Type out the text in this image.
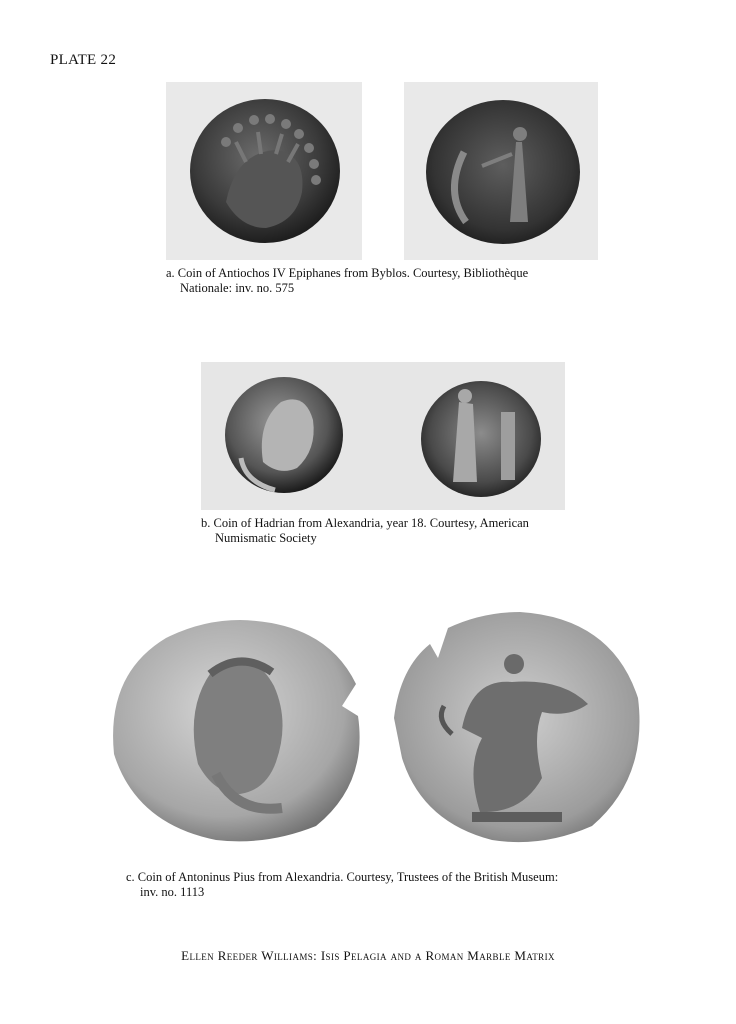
PLATE 22
a. Coin of Antiochos IV Epiphanes from Byblos. Courtesy, Bibliothèque
Nationale: inv. no. 575
b. Coin of Hadrian from Alexandria, year 18. Courtesy, American
Numismatic Society
c. Coin of Antoninus Pius from Alexandria. Courtesy, Trustees of the British Museum:
inv. no. 1113
Ellen Reeder Williams: Isis Pelagia and a Roman Marble Matrix
